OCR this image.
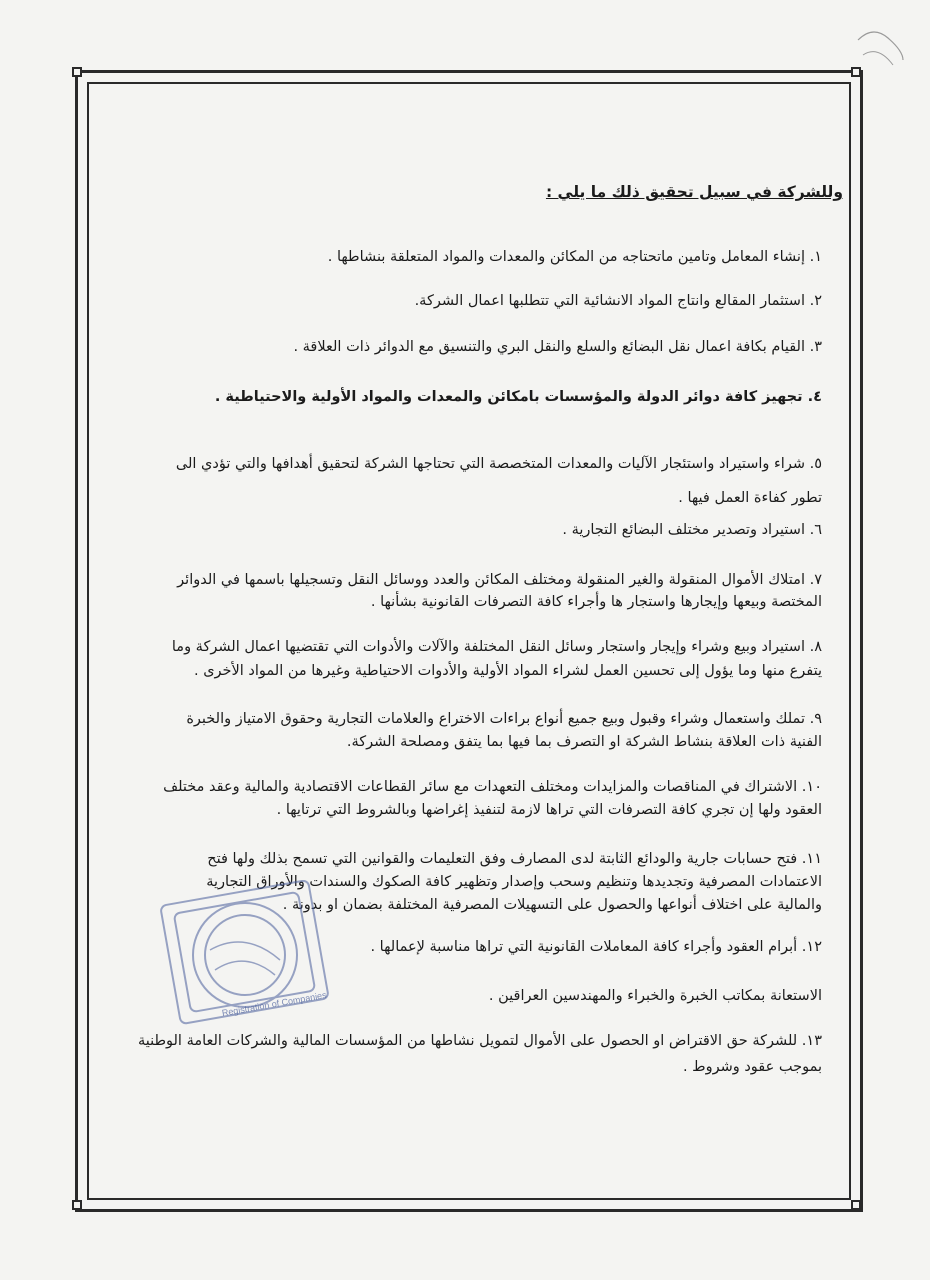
وللشركة في سبيل تحقيق ذلك ما يلي :
١. إنشاء المعامل وتامين ماتحتاجه من المكائن والمعدات والمواد المتعلقة بنشاطها .
٢. استثمار المقالع وانتاج المواد الانشائية التي تتطلبها اعمال الشركة.
٣. القيام بكافة اعمال نقل البضائع والسلع والنقل البري والتنسيق مع الدوائر ذات العلاقة .
٤. تجهيز كافة دوائر الدولة والمؤسسات بامكائن والمعدات والمواد الأولية والاحتياطية .
٥. شراء واستيراد واستئجار الآليات والمعدات المتخصصة التي تحتاجها الشركة لتحقيق أهدافها والتي تؤدي الى
تطور كفاءة العمل فيها .
٦. استيراد وتصدير مختلف البضائع التجارية .
٧. امتلاك الأموال المنقولة والغير المنقولة ومختلف المكائن والعدد ووسائل النقل وتسجيلها باسمها في الدوائر
المختصة وبيعها وإيجارها واستجار ها وأجراء كافة التصرفات القانونية بشأنها .
٨. استيراد وبيع وشراء وإيجار واستجار وسائل النقل المختلفة والآلات والأدوات التي تقتضيها اعمال الشركة وما
يتفرع منها وما يؤول إلى تحسين العمل لشراء المواد الأولية والأدوات الاحتياطية وغيرها من المواد الأخرى .
٩. تملك واستعمال وشراء وقبول وبيع جميع أنواع براءات الاختراع والعلامات التجارية وحقوق الامتياز والخبرة
الفنية ذات العلاقة بنشاط الشركة او التصرف بما فيها بما يتفق ومصلحة الشركة.
١٠. الاشتراك في المناقصات والمزايدات ومختلف التعهدات مع سائر القطاعات الاقتصادية والمالية وعقد مختلف
العقود ولها إن تجري كافة التصرفات التي تراها لازمة لتنفيذ إغراضها وبالشروط التي ترتايها .
١١. فتح حسابات جارية والودائع الثابتة لدى المصارف وفق التعليمات والقوانين التي تسمح بذلك ولها فتح
الاعتمادات المصرفية وتجديدها وتنظيم وسحب وإصدار وتظهير كافة الصكوك والسندات والأوراق التجارية
والمالية على اختلاف أنواعها والحصول على التسهيلات المصرفية المختلفة بضمان او بدونة .
١٢. أبرام العقود وأجراء كافة المعاملات القانونية التي تراها مناسبة لإعمالها .
الاستعانة بمكاتب الخبرة والخبراء والمهندسين العراقين .
١٣. للشركة حق الاقتراض او الحصول على الأموال لتمويل نشاطها من المؤسسات المالية والشركات العامة الوطنية
بموجب عقود وشروط .
Registration of Companies
